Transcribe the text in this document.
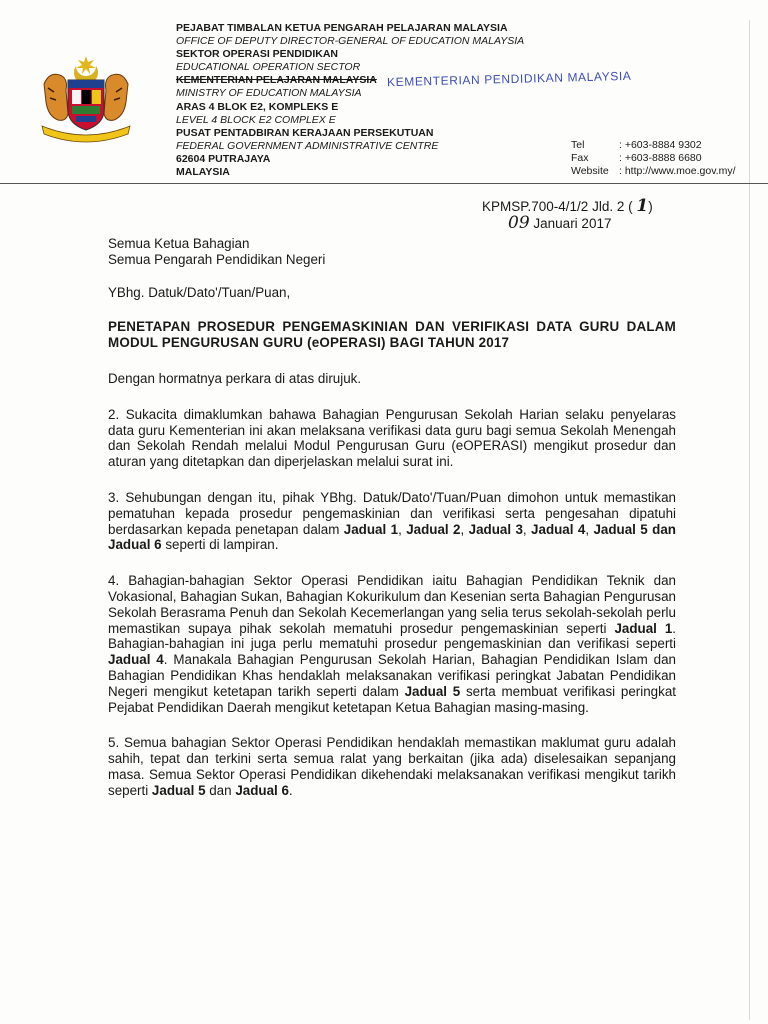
PEJABAT TIMBALAN KETUA PENGARAH PELAJARAN MALAYSIA
OFFICE OF DEPUTY DIRECTOR-GENERAL OF EDUCATION MALAYSIA
SEKTOR OPERASI PENDIDIKAN
EDUCATIONAL OPERATION SECTOR
KEMENTERIAN PELAJARAN MALAYSIA
MINISTRY OF EDUCATION MALAYSIA
ARAS 4 BLOK E2, KOMPLEKS E
LEVEL 4 BLOCK E2 COMPLEX E
PUSAT PENTADBIRAN KERAJAAN PERSEKUTUAN
FEDERAL GOVERNMENT ADMINISTRATIVE CENTRE
62604 PUTRAJAYA
MALAYSIA
KEMENTERIAN PENDIDIKAN MALAYSIA
Tel	: +603-8884 9302
Fax	: +603-8888 6680
Website : http://www.moe.gov.my/
KPMSP.700-4/1/2 Jld. 2 ( 1)
09 Januari 2017

Semua Ketua Bahagian

Semua Pengarah Pendidikan Negeri

YBhg. Datuk/Dato'/Tuan/Puan,

PENETAPAN PROSEDUR PENGEMASKINIAN DAN VERIFIKASI DATA GURU DALAM MODUL PENGURUSAN GURU (eOPERASI) BAGI TAHUN 2017

Dengan hormatnya perkara di atas dirujuk.

2. Sukacita dimaklumkan bahawa Bahagian Pengurusan Sekolah Harian selaku penyelaras data guru Kementerian ini akan melaksana verifikasi data guru bagi semua Sekolah Menengah dan Sekolah Rendah melalui Modul Pengurusan Guru (eOPERASI) mengikut prosedur dan aturan yang ditetapkan dan diperjelaskan melalui surat ini.

3. Sehubungan dengan itu, pihak YBhg. Datuk/Dato'/Tuan/Puan dimohon untuk memastikan pematuhan kepada prosedur pengemaskinian dan verifikasi serta pengesahan dipatuhi berdasarkan kepada penetapan dalam Jadual 1, Jadual 2, Jadual 3, Jadual 4, Jadual 5 dan Jadual 6 seperti di lampiran.

4. Bahagian-bahagian Sektor Operasi Pendidikan iaitu Bahagian Pendidikan Teknik dan Vokasional, Bahagian Sukan, Bahagian Kokurikulum dan Kesenian serta Bahagian Pengurusan Sekolah Berasrama Penuh dan Sekolah Kecemerlangan yang selia terus sekolah-sekolah perlu memastikan supaya pihak sekolah mematuhi prosedur pengemaskinian seperti Jadual 1. Bahagian-bahagian ini juga perlu mematuhi prosedur pengemaskinian dan verifikasi seperti Jadual 4. Manakala Bahagian Pengurusan Sekolah Harian, Bahagian Pendidikan Islam dan Bahagian Pendidikan Khas hendaklah melaksanakan verifikasi peringkat Jabatan Pendidikan Negeri mengikut ketetapan tarikh seperti dalam Jadual 5 serta membuat verifikasi peringkat Pejabat Pendidikan Daerah mengikut ketetapan Ketua Bahagian masing-masing.

5. Semua bahagian Sektor Operasi Pendidikan hendaklah memastikan maklumat guru adalah sahih, tepat dan terkini serta semua ralat yang berkaitan (jika ada) diselesaikan sepanjang masa. Semua Sektor Operasi Pendidikan dikehendaki melaksanakan verifikasi mengikut tarikh seperti Jadual 5 dan Jadual 6.
